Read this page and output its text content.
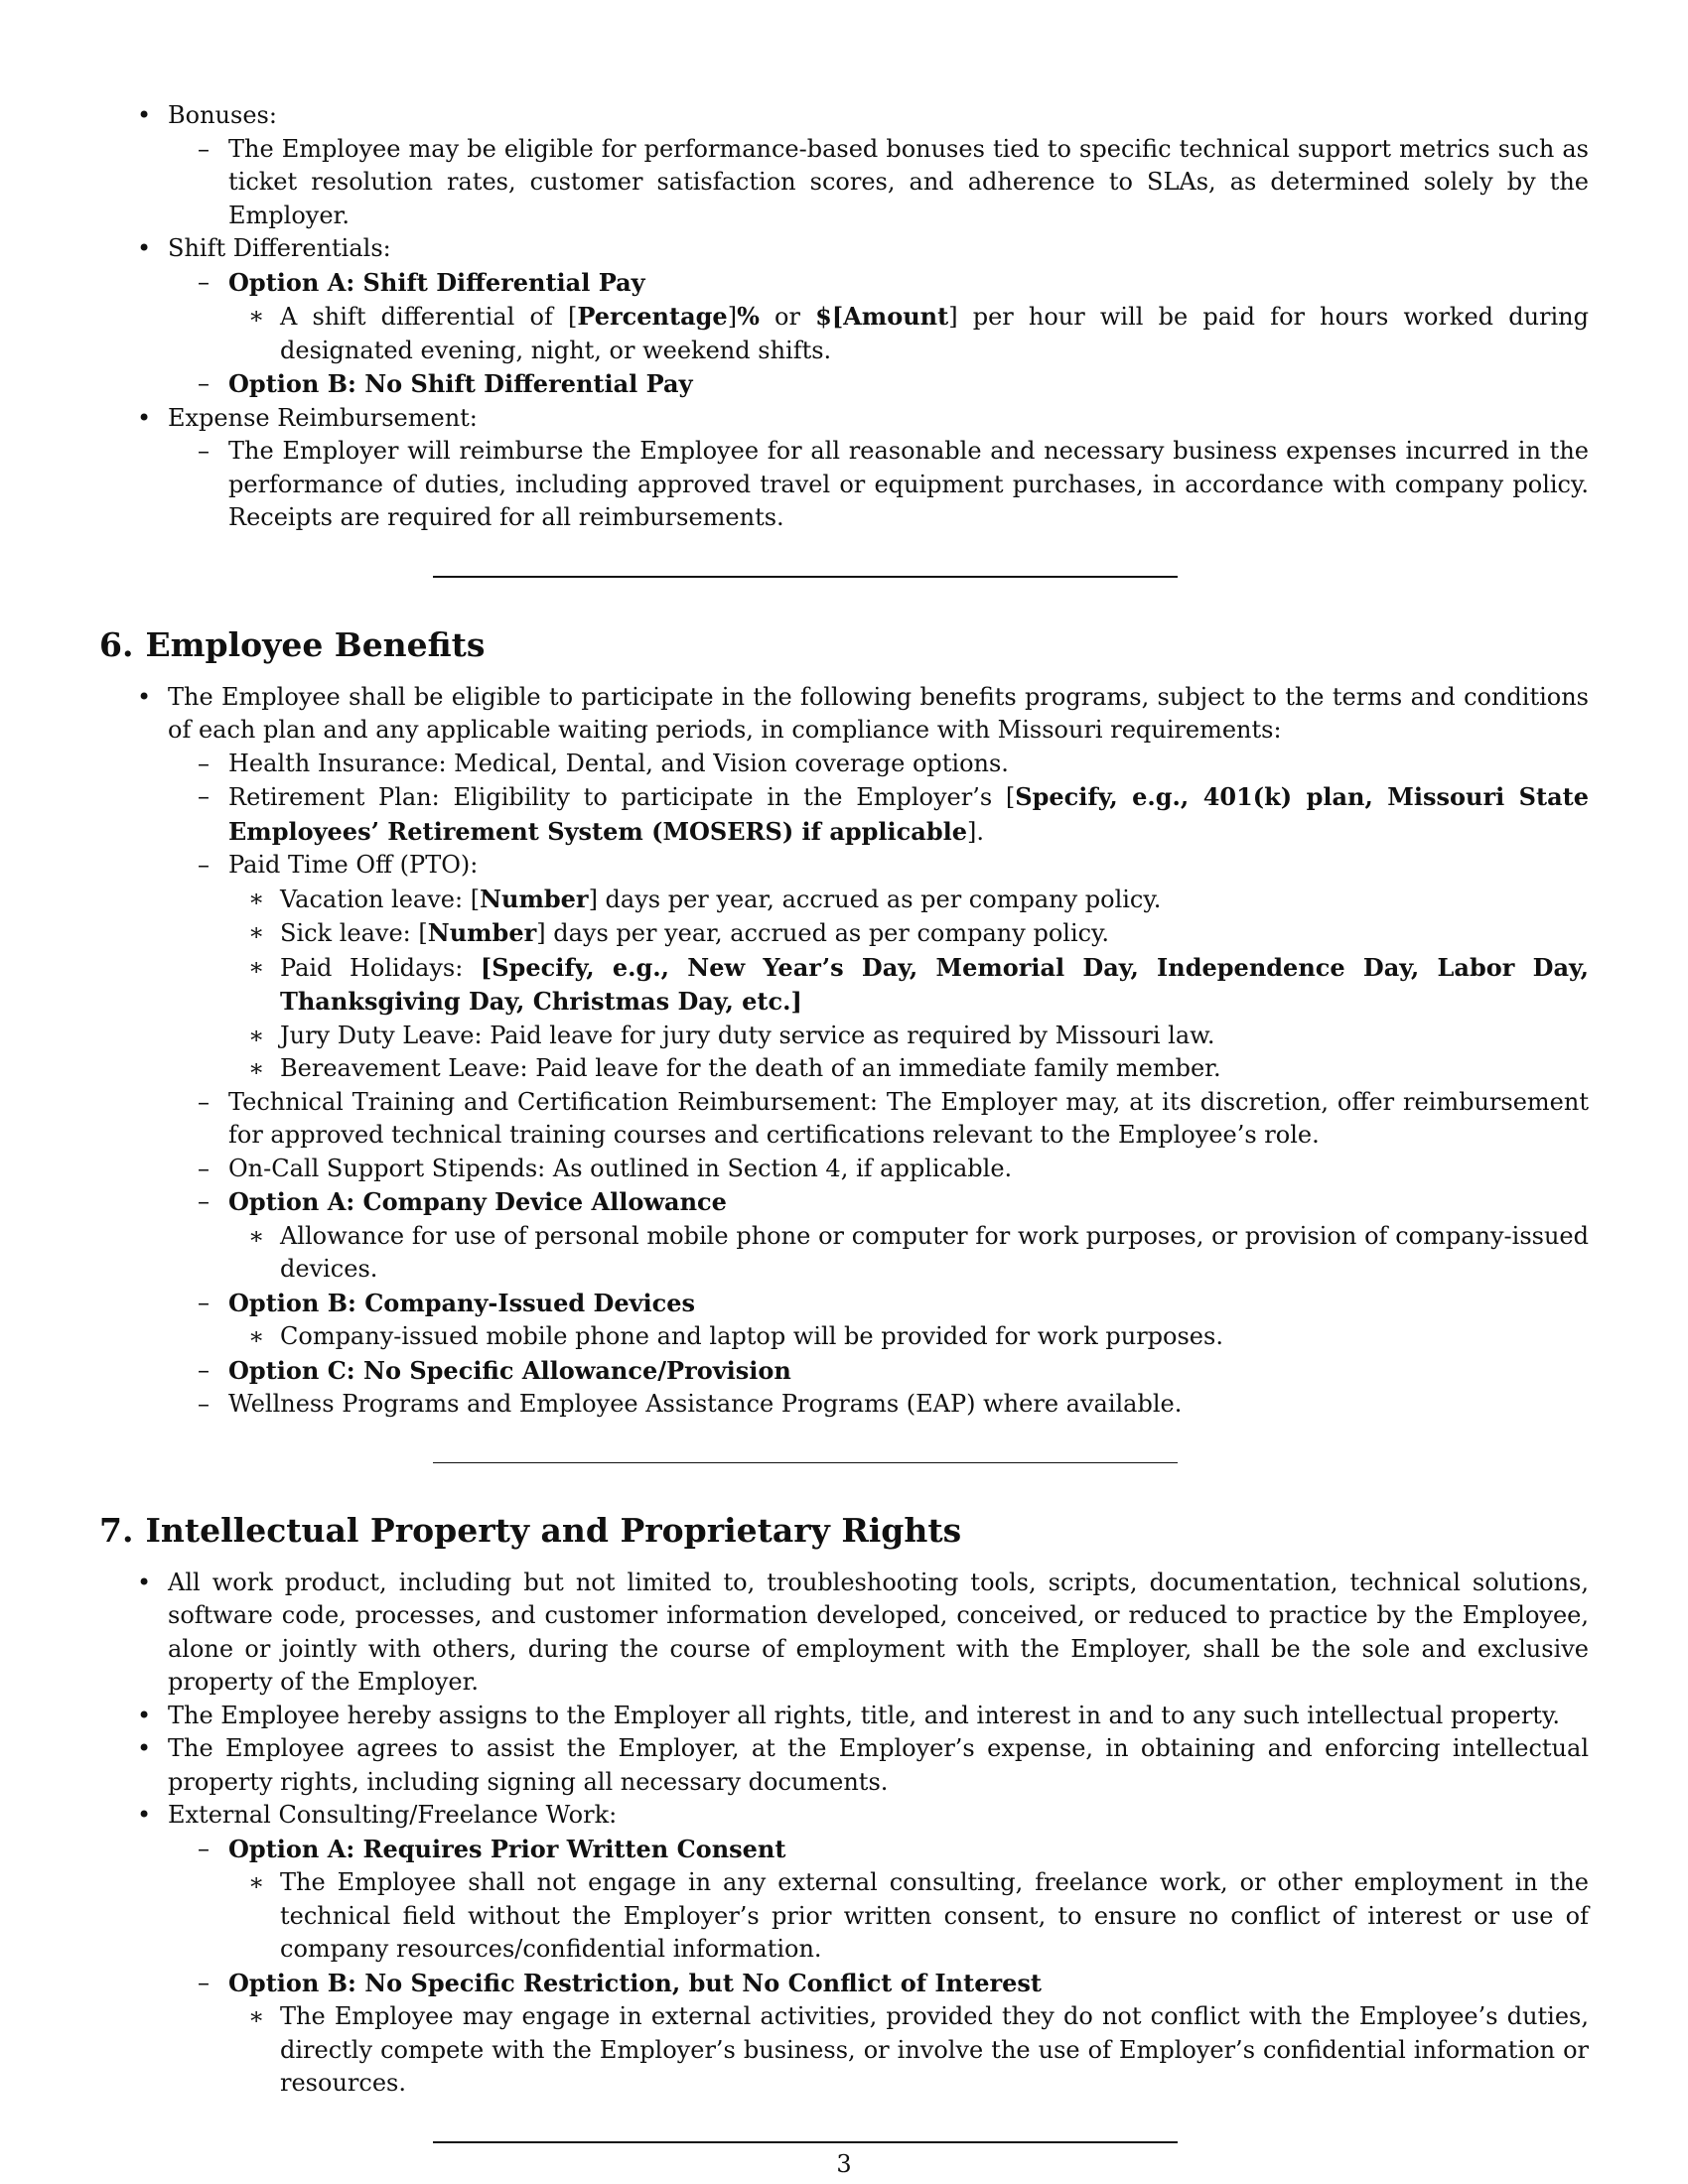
• Bonuses:
– The Employee may be eligible for performance-based bonuses tied to specific technical support metrics such as ticket resolution rates, customer satisfaction scores, and adherence to SLAs, as determined solely by the Employer.
• Shift Differentials:
– Option A: Shift Differential Pay
∗ A shift differential of [Percentage]% or $[Amount] per hour will be paid for hours worked during designated evening, night, or weekend shifts.
– Option B: No Shift Differential Pay
• Expense Reimbursement:
– The Employer will reimburse the Employee for all reasonable and necessary business expenses incurred in the performance of duties, including approved travel or equipment purchases, in accordance with company policy. Receipts are required for all reimbursements.
6. Employee Benefits
• The Employee shall be eligible to participate in the following benefits programs, subject to the terms and conditions of each plan and any applicable waiting periods, in compliance with Missouri requirements:
– Health Insurance: Medical, Dental, and Vision coverage options.
– Retirement Plan: Eligibility to participate in the Employer’s [Specify, e.g., 401(k) plan, Missouri State Employees’ Retirement System (MOSERS) if applicable].
– Paid Time Off (PTO):
∗ Vacation leave: [Number] days per year, accrued as per company policy.
∗ Sick leave: [Number] days per year, accrued as per company policy.
∗ Paid Holidays: [Specify, e.g., New Year’s Day, Memorial Day, Independence Day, Labor Day, Thanksgiving Day, Christmas Day, etc.]
∗ Jury Duty Leave: Paid leave for jury duty service as required by Missouri law.
∗ Bereavement Leave: Paid leave for the death of an immediate family member.
– Technical Training and Certification Reimbursement: The Employer may, at its discretion, offer reimbursement for approved technical training courses and certifications relevant to the Employee’s role.
– On-Call Support Stipends: As outlined in Section 4, if applicable.
– Option A: Company Device Allowance
∗ Allowance for use of personal mobile phone or computer for work purposes, or provision of company-issued devices.
– Option B: Company-Issued Devices
∗ Company-issued mobile phone and laptop will be provided for work purposes.
– Option C: No Specific Allowance/Provision
– Wellness Programs and Employee Assistance Programs (EAP) where available.
7. Intellectual Property and Proprietary Rights
• All work product, including but not limited to, troubleshooting tools, scripts, documentation, technical solutions, software code, processes, and customer information developed, conceived, or reduced to practice by the Employee, alone or jointly with others, during the course of employment with the Employer, shall be the sole and exclusive property of the Employer.
• The Employee hereby assigns to the Employer all rights, title, and interest in and to any such intellectual property.
• The Employee agrees to assist the Employer, at the Employer’s expense, in obtaining and enforcing intellectual property rights, including signing all necessary documents.
• External Consulting/Freelance Work:
– Option A: Requires Prior Written Consent
∗ The Employee shall not engage in any external consulting, freelance work, or other employment in the technical field without the Employer’s prior written consent, to ensure no conflict of interest or use of company resources/confidential information.
– Option B: No Specific Restriction, but No Conflict of Interest
∗ The Employee may engage in external activities, provided they do not conflict with the Employee’s duties, directly compete with the Employer’s business, or involve the use of Employer’s confidential information or resources.
3
